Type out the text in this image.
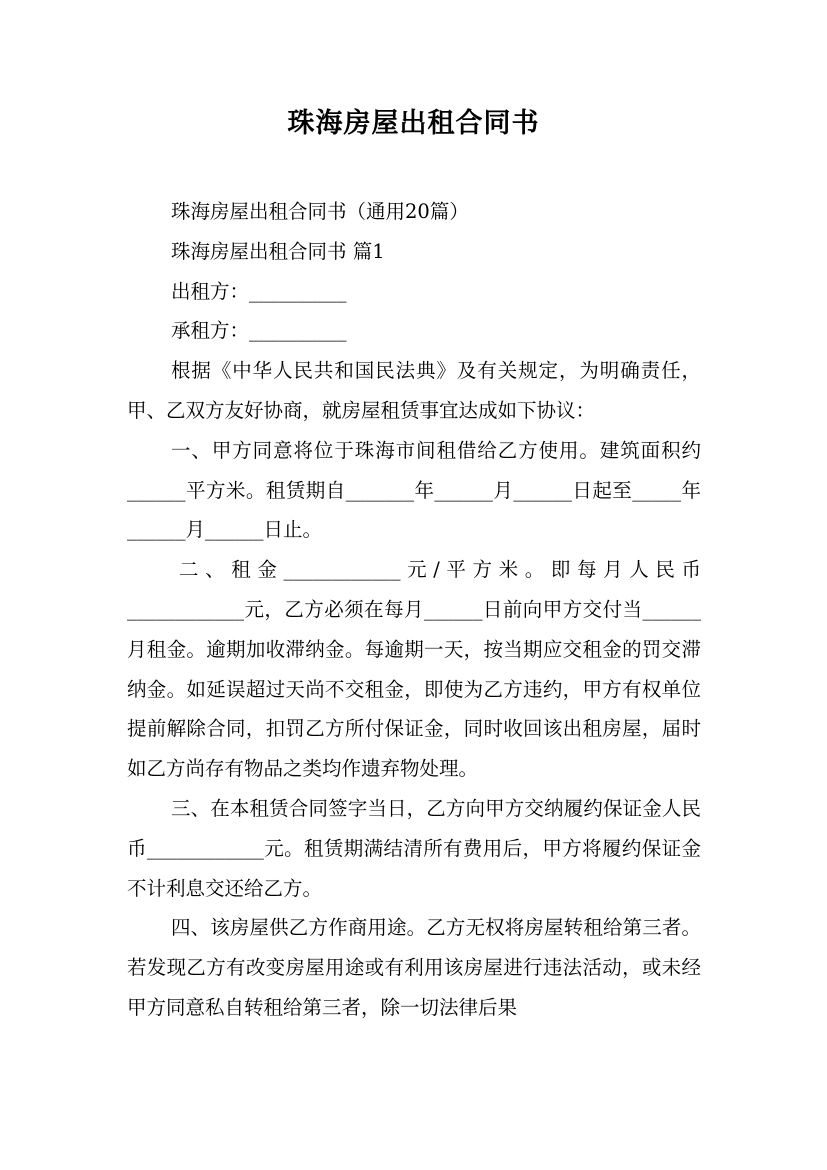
珠海房屋出租合同书

珠海房屋出租合同书（通用20篇）

珠海房屋出租合同书 篇1

出租方：__________

承租方：__________

根据《中华人民共和国民法典》及有关规定，为明确责任，甲、乙双方友好协商，就房屋租赁事宜达成如下协议：

一、甲方同意将位于珠海市间租借给乙方使用。建筑面积约______平方米。租赁期自_______年______月______日起至_____年______月______日止。

二、租金____________元/平方米。即每月人民币____________元，乙方必须在每月______日前向甲方交付当______月租金。逾期加收滞纳金。每逾期一天，按当期应交租金的罚交滞纳金。如延误超过天尚不交租金，即使为乙方违约，甲方有权单位提前解除合同，扣罚乙方所付保证金，同时收回该出租房屋，届时如乙方尚存有物品之类均作遗弃物处理。

三、在本租赁合同签字当日，乙方向甲方交纳履约保证金人民币____________元。租赁期满结清所有费用后，甲方将履约保证金不计利息交还给乙方。

四、该房屋供乙方作商用途。乙方无权将房屋转租给第三者。若发现乙方有改变房屋用途或有利用该房屋进行违法活动，或未经甲方同意私自转租给第三者，除一切法律后果
